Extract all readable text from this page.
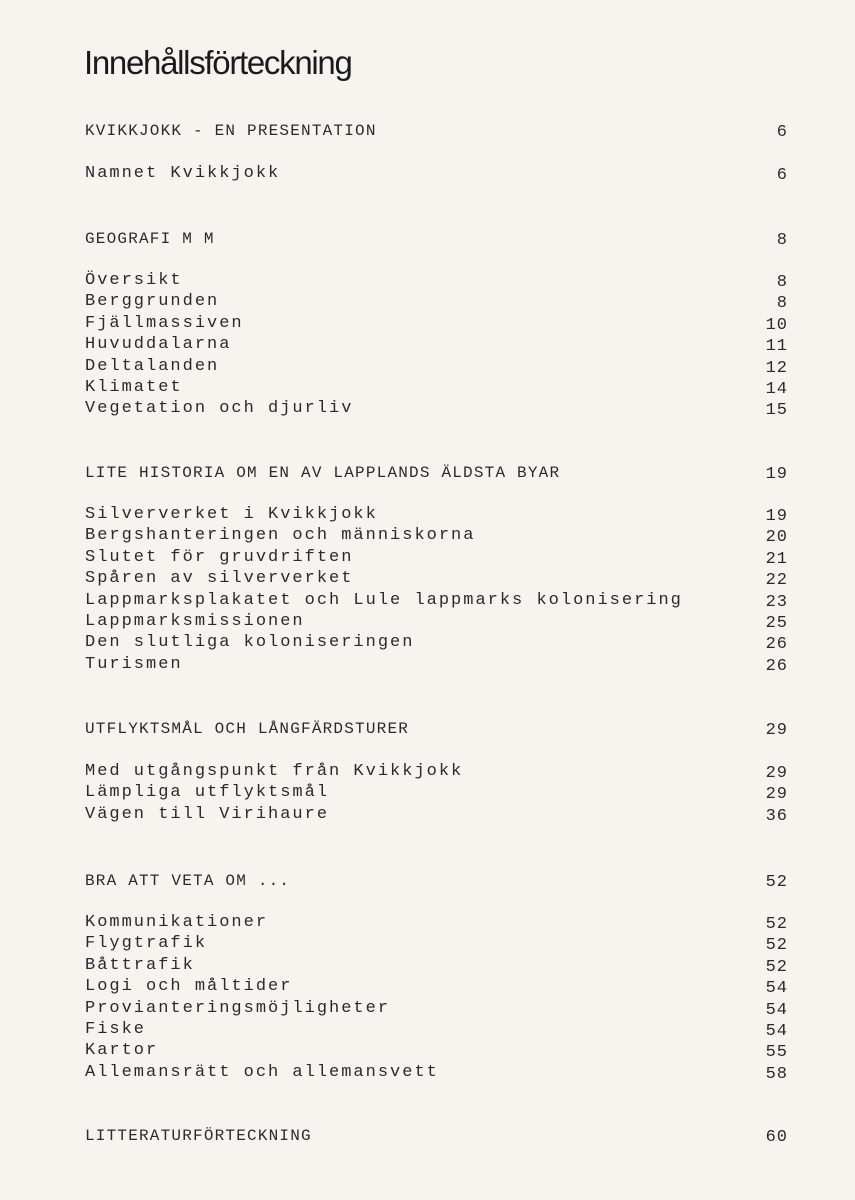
Innehållsförteckning
KVIKKJOKK - EN PRESENTATION	6
Namnet Kvikkjokk	6
GEOGRAFI M M	8
Översikt	8
Berggrunden	8
Fjällmassiven	10
Huvuddalarna	11
Deltalanden	12
Klimatet	14
Vegetation och djurliv	15
LITE HISTORIA OM EN AV LAPPLANDS ÄLDSTA BYAR	19
Silververket i Kvikkjokk	19
Bergshanteringen och människorna	20
Slutet för gruvdriften	21
Spåren av silververket	22
Lappmarksplakatet och Lule lappmarks kolonisering	23
Lappmarksmissionen	25
Den slutliga koloniseringen	26
Turismen	26
UTFLYKTSMÅL OCH LÅNGFÄRDSTURER	29
Med utgångspunkt från Kvikkjokk	29
Lämpliga utflyktsmål	29
Vägen till Virihaure	36
BRA ATT VETA OM ...	52
Kommunikationer	52
Flygtrafik	52
Båttrafik	52
Logi och måltider	54
Provianteringsmöjligheter	54
Fiske	54
Kartor	55
Allemansrätt och allemansvett	58
LITTERATURFÖRTECKNING	60
